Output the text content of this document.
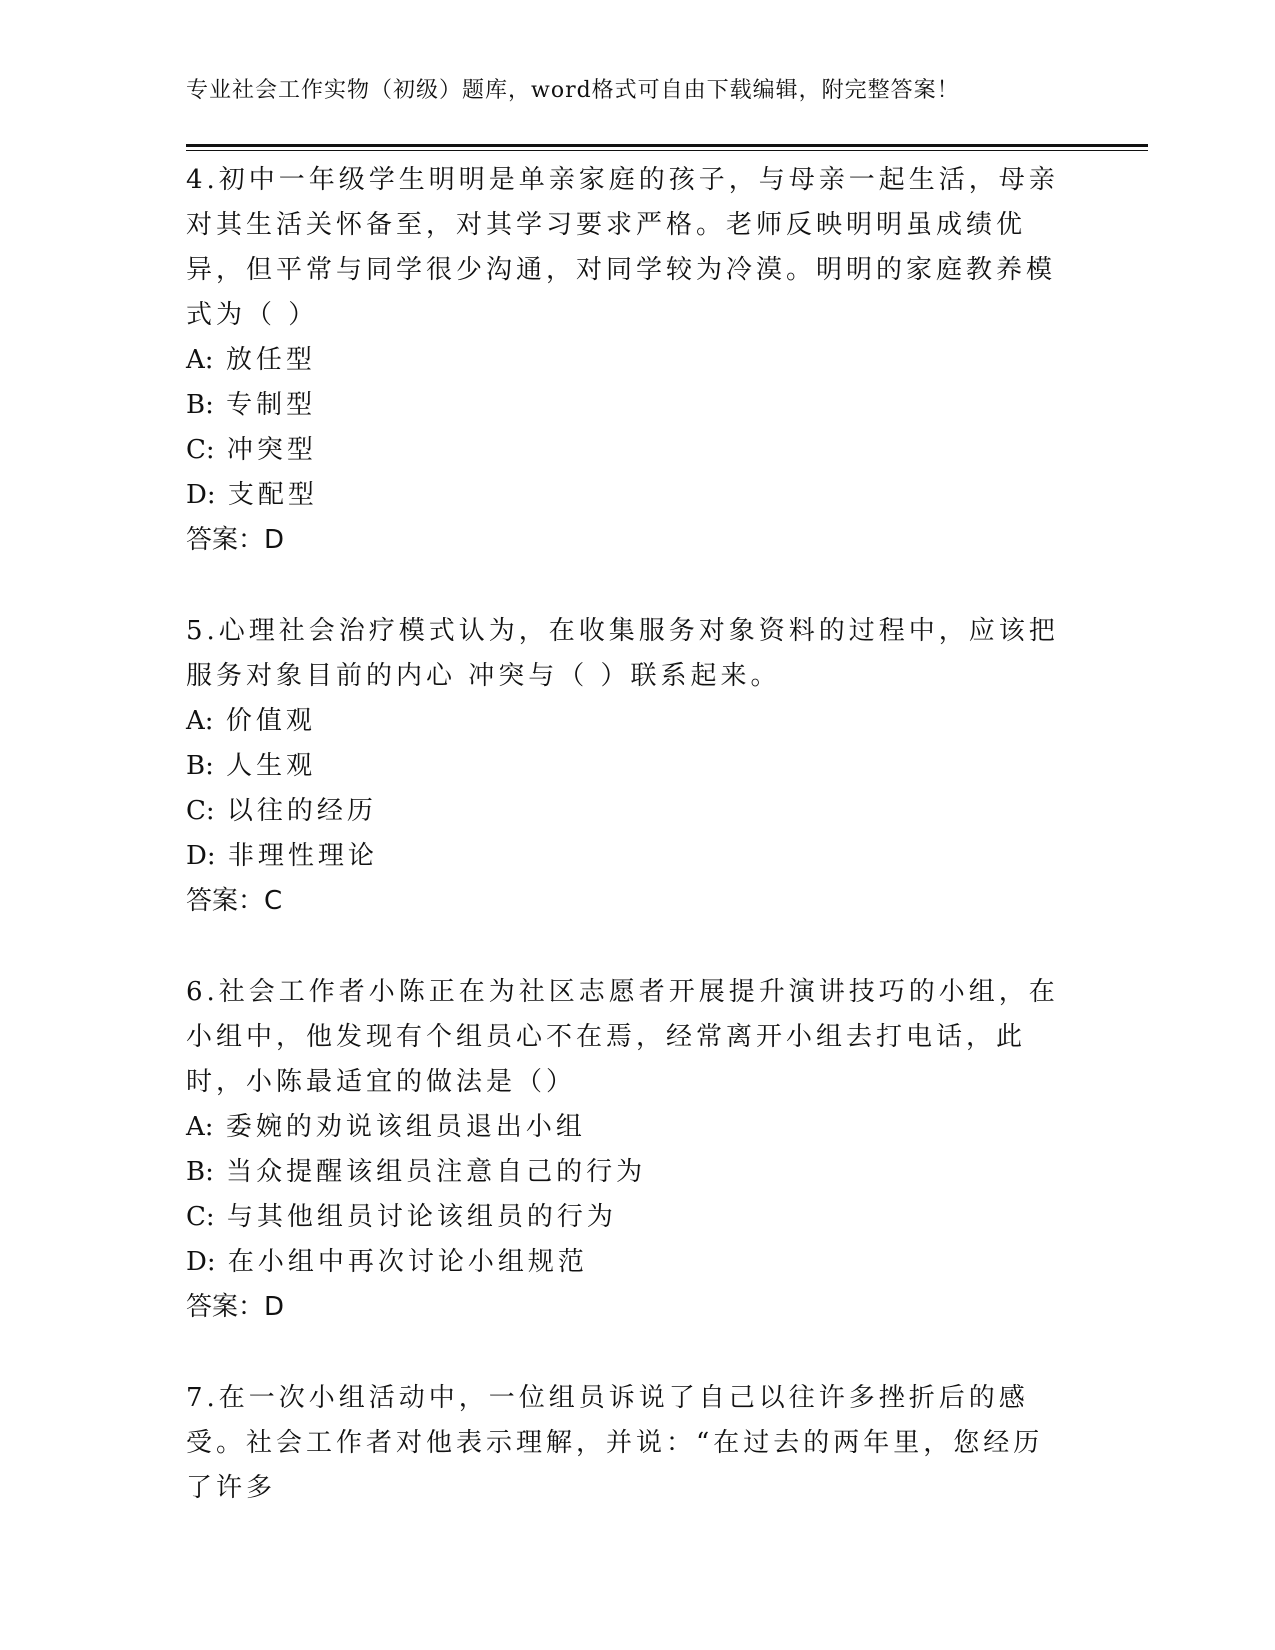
专业社会工作实物（初级）题库，word格式可自由下载编辑，附完整答案！

4.初中一年级学生明明是单亲家庭的孩子，与母亲一起生活，母亲对其生活关怀备至，对其学习要求严格。老师反映明明虽成绩优异，但平常与同学很少沟通，对同学较为冷漠。明明的家庭教养模式为（ ）

A: 放任型
B: 专制型
C: 冲突型
D: 支配型
答案：D

5.心理社会治疗模式认为，在收集服务对象资料的过程中，应该把服务对象目前的内心 冲突与（ ）联系起来。

A: 价值观
B: 人生观
C: 以往的经历
D: 非理性理论
答案：C

6.社会工作者小陈正在为社区志愿者开展提升演讲技巧的小组，在小组中，他发现有个组员心不在焉，经常离开小组去打电话，此时，小陈最适宜的做法是（）

A: 委婉的劝说该组员退出小组
B: 当众提醒该组员注意自己的行为
C: 与其他组员讨论该组员的行为
D: 在小组中再次讨论小组规范
答案：D

7.在一次小组活动中，一位组员诉说了自己以往许多挫折后的感受。社会工作者对他表示理解，并说：“在过去的两年里，您经历了许多
